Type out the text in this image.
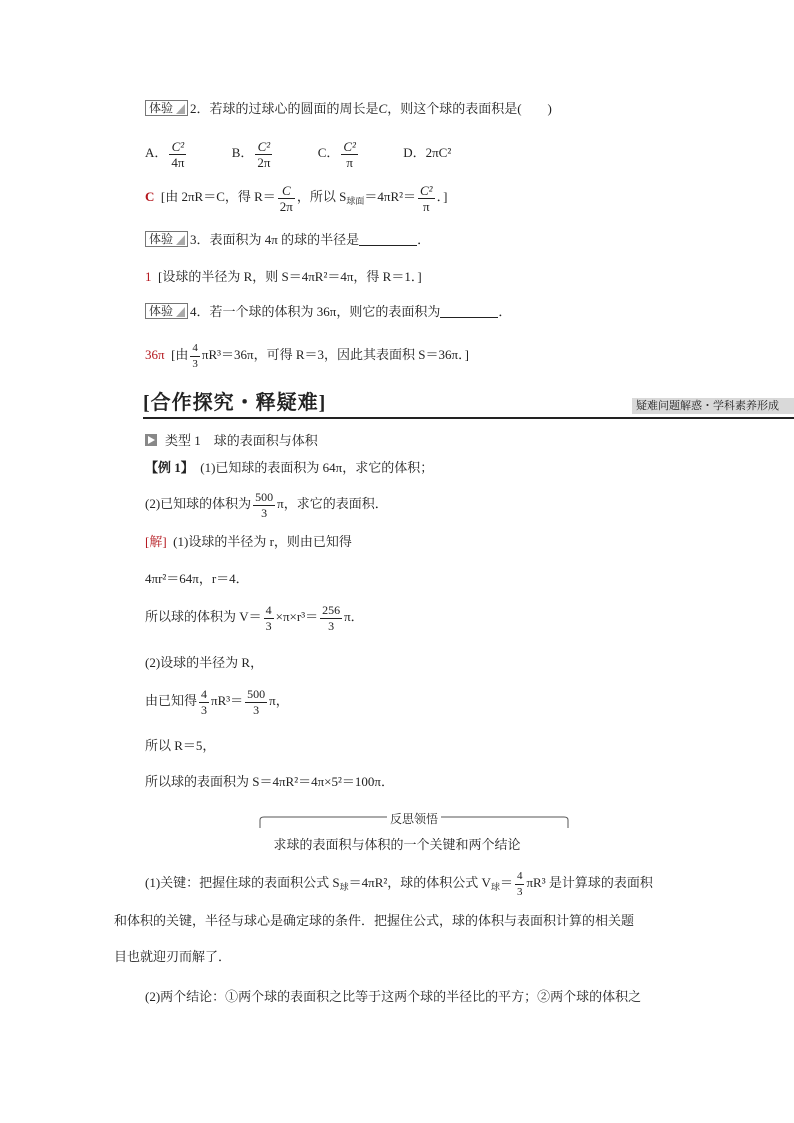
体验 2．若球的过球心的圆面的周长是C，则这个球的表面积是(　　)
A． $\frac{\text{C²}}{4\pi}$	B． $\frac{\text{C²}}{2\pi}$	C． $\frac{\text{C²}}{\pi}$	D．2πC²
C [由 2πR＝C，得 $R= \frac{C}{2\pi}$ ，所以 $S_{球面}=4\pi R^2= \frac{\text{C²}}{\pi}$ ．]
体验 3．表面积为 4π 的球的半径是	．
1 [设球的半径为 R，则 S＝4πR²＝4π，得 R＝1．]
体验 4．若一个球的体积为 36π，则它的表面积为	．
36π [由 $\frac{4}{3} \pi R^3=36\pi$，可得 R＝3，因此其表面积 S＝36π．]
[合作探究・释疑难]	疑难问题解惑・学科素养形成
类型 1　球的表面积与体积
【例 1】 (1)已知球的表面积为 64π，求它的体积；
(2)已知球的体积为 $\frac{500}{3}$ π，求它的表面积．
[解] (1)设球的半径为 r，则由已知得
4πr²＝64π，r＝4．
所以球的体积为 $V= \frac{4}{3} \times\pi\times r^3= \frac{256}{3}$ π．
(2)设球的半径为 R，
由已知得 $\frac{4}{3} \pi R^3= \frac{500}{3}$ π，
所以 R＝5，
所以球的表面积为 S＝4πR²＝4π×5²＝100π．
反思领悟
求球的表面积与体积的一个关键和两个结论
(1)关键：把握住球的表面积公式 $S_球=4\pi R^2$，球的体积公式 $V_球= \frac{4}{3} \pi R^3$ 是计算球的表面积
和体积的关键，半径与球心是确定球的条件．把握住公式，球的体积与表面积计算的相关题
目也就迎刃而解了．
(2)两个结论：①两个球的表面积之比等于这两个球的半径比的平方；②两个球的体积之
